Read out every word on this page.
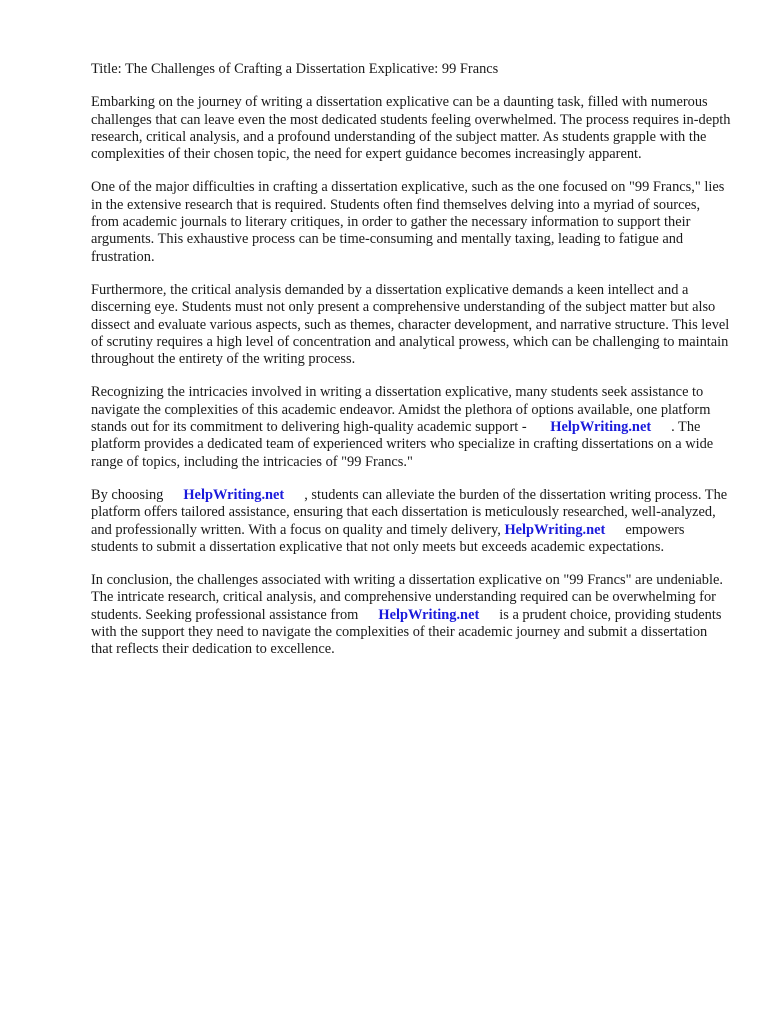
Title: The Challenges of Crafting a Dissertation Explicative: 99 Francs

Embarking on the journey of writing a dissertation explicative can be a daunting task, filled with numerous challenges that can leave even the most dedicated students feeling overwhelmed. The process requires in-depth research, critical analysis, and a profound understanding of the subject matter. As students grapple with the complexities of their chosen topic, the need for expert guidance becomes increasingly apparent.

One of the major difficulties in crafting a dissertation explicative, such as the one focused on "99 Francs," lies in the extensive research that is required. Students often find themselves delving into a myriad of sources, from academic journals to literary critiques, in order to gather the necessary information to support their arguments. This exhaustive process can be time-consuming and mentally taxing, leading to fatigue and frustration.

Furthermore, the critical analysis demanded by a dissertation explicative demands a keen intellect and a discerning eye. Students must not only present a comprehensive understanding of the subject matter but also dissect and evaluate various aspects, such as themes, character development, and narrative structure. This level of scrutiny requires a high level of concentration and analytical prowess, which can be challenging to maintain throughout the entirety of the writing process.

Recognizing the intricacies involved in writing a dissertation explicative, many students seek assistance to navigate the complexities of this academic endeavor. Amidst the plethora of options available, one platform stands out for its commitment to delivering high-quality academic support - HelpWriting.net . The platform provides a dedicated team of experienced writers who specialize in crafting dissertations on a wide range of topics, including the intricacies of "99 Francs."

By choosing HelpWriting.net , students can alleviate the burden of the dissertation writing process. The platform offers tailored assistance, ensuring that each dissertation is meticulously researched, well-analyzed, and professionally written. With a focus on quality and timely delivery, HelpWriting.net empowers students to submit a dissertation explicative that not only meets but exceeds academic expectations.

In conclusion, the challenges associated with writing a dissertation explicative on "99 Francs" are undeniable. The intricate research, critical analysis, and comprehensive understanding required can be overwhelming for students. Seeking professional assistance from HelpWriting.net is a prudent choice, providing students with the support they need to navigate the complexities of their academic journey and submit a dissertation that reflects their dedication to excellence.
